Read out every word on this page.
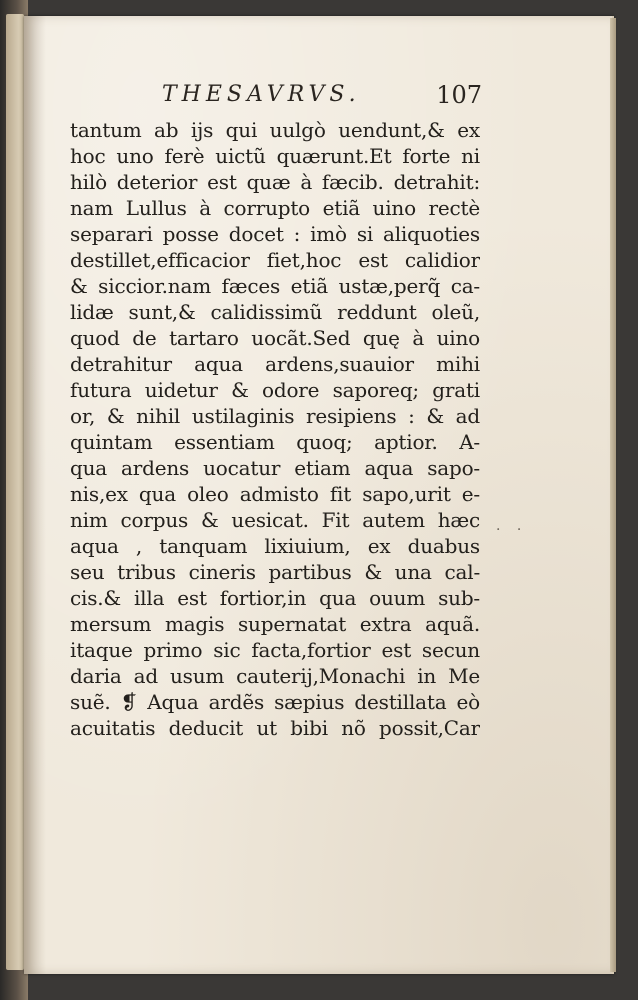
THESAVRVS.	107
tantum ab ijs qui uulgò uendunt,& ex
hoc uno ferè uictũ quærunt.Et forte ni
hilò deterior est quæ à fæcib. detrahit:
nam Lullus à corrupto etiã uino rectè
separari posse docet : imò si aliquoties
destillet,efficacior fiet,hoc est calidior
& siccior.nam fæces etiã ustæ,perq̃ ca-
lidæ sunt,& calidissimũ reddunt oleũ,
quod de tartaro uocãt.Sed quę à uino
detrahitur aqua ardens,suauior mihi
futura uidetur & odore saporeq; grati
or, & nihil ustilaginis resipiens : & ad
quintam essentiam quoq; aptior. A-
qua ardens uocatur etiam aqua sapo-
nis,ex qua oleo admisto fit sapo,urit e-
nim corpus & uesicat. Fit autem hæc
aqua , tanquam lixiuium, ex duabus
seu tribus cineris partibus & una cal-
cis.& illa est fortior,in qua ouum sub-
mersum magis supernatat extra aquã.
itaque primo sic facta,fortior est secun
daria ad usum cauterij,Monachi in Me
suẽ. ❡ Aqua ardẽs sæpius destillata eò
acuitatis deducit ut bibi nõ possit,Car
· ·
